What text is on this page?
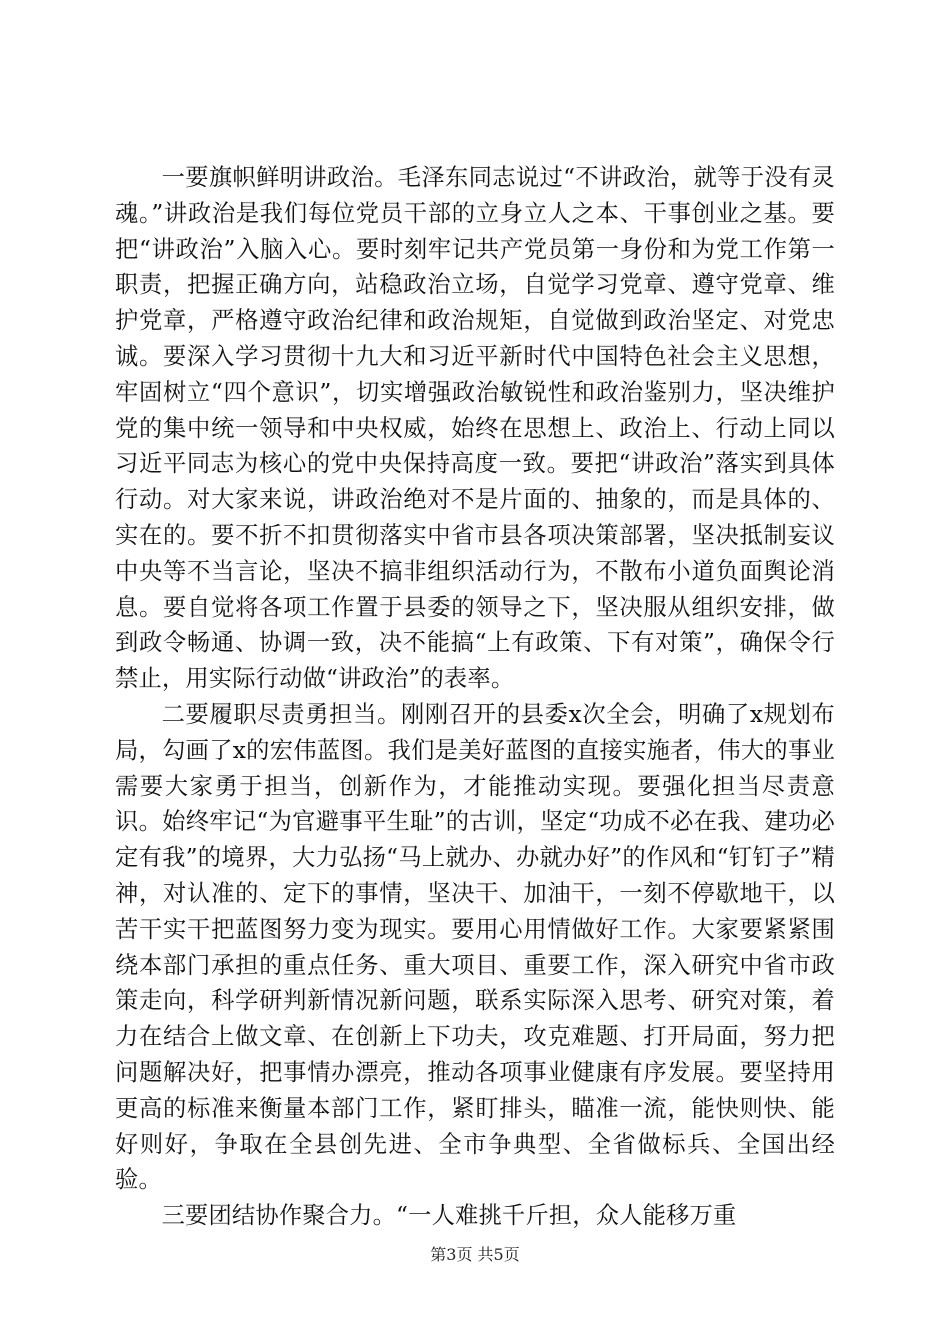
一要旗帜鲜明讲政治。毛泽东同志说过“不讲政治，就等于没有灵魂。”讲政治是我们每位党员干部的立身立人之本、干事创业之基。要把“讲政治”入脑入心。要时刻牢记共产党员第一身份和为党工作第一职责，把握正确方向，站稳政治立场，自觉学习党章、遵守党章、维护党章，严格遵守政治纪律和政治规矩，自觉做到政治坚定、对党忠诚。要深入学习贯彻十九大和习近平新时代中国特色社会主义思想，牢固树立“四个意识”，切实增强政治敏锐性和政治鉴别力，坚决维护党的集中统一领导和中央权威，始终在思想上、政治上、行动上同以习近平同志为核心的党中央保持高度一致。要把“讲政治”落实到具体行动。对大家来说，讲政治绝对不是片面的、抽象的，而是具体的、实在的。要不折不扣贯彻落实中省市县各项决策部署，坚决抵制妄议中央等不当言论，坚决不搞非组织活动行为，不散布小道负面舆论消息。要自觉将各项工作置于县委的领导之下，坚决服从组织安排，做到政令畅通、协调一致，决不能搞“上有政策、下有对策”，确保令行禁止，用实际行动做“讲政治”的表率。

二要履职尽责勇担当。刚刚召开的县委x次全会，明确了x规划布局，勾画了x的宏伟蓝图。我们是美好蓝图的直接实施者，伟大的事业需要大家勇于担当，创新作为，才能推动实现。要强化担当尽责意识。始终牢记“为官避事平生耻”的古训，坚定“功成不必在我、建功必定有我”的境界，大力弘扬“马上就办、办就办好”的作风和“钉钉子”精神，对认准的、定下的事情，坚决干、加油干，一刻不停歇地干，以苦干实干把蓝图努力变为现实。要用心用情做好工作。大家要紧紧围绕本部门承担的重点任务、重大项目、重要工作，深入研究中省市政策走向，科学研判新情况新问题，联系实际深入思考、研究对策，着力在结合上做文章、在创新上下功夫，攻克难题、打开局面，努力把问题解决好，把事情办漂亮，推动各项事业健康有序发展。要坚持用更高的标准来衡量本部门工作，紧盯排头，瞄准一流，能快则快、能好则好，争取在全县创先进、全市争典型、全省做标兵、全国出经验。

三要团结协作聚合力。“一人难挑千斤担，众人能移万重

第3页 共5页
